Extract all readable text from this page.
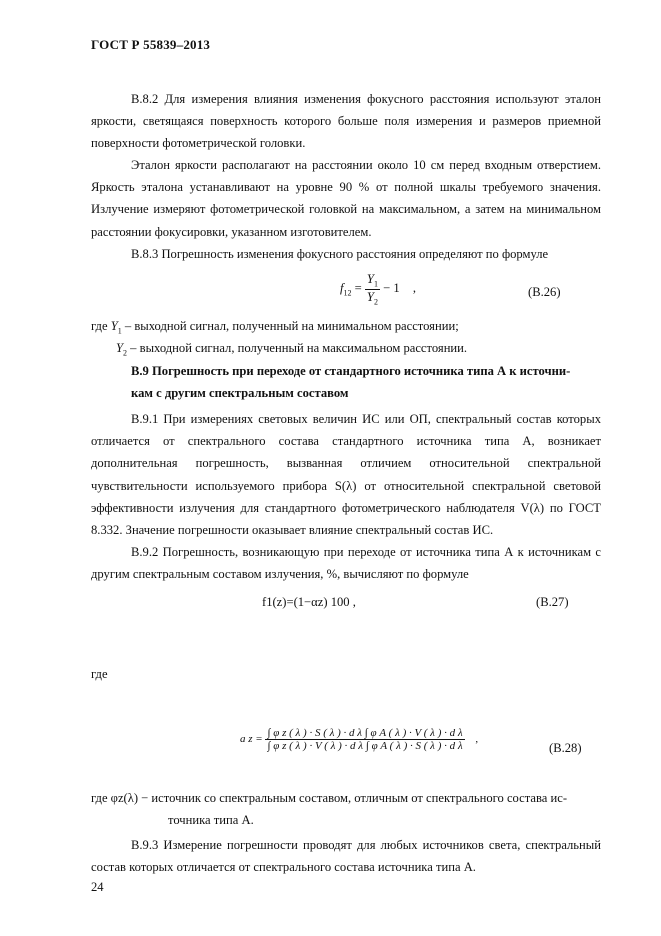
ГОСТ Р 55839–2013
В.8.2 Для измерения влияния изменения фокусного расстояния используют эталон яркости, светящаяся поверхность которого больше поля измерения и размеров приемной поверхности фотометрической головки.
Эталон яркости располагают на расстоянии около 10 см перед входным отверстием. Яркость эталона устанавливают на уровне 90 % от полной шкалы требуемого значения. Излучение измеряют фотометрической головкой на максимальном, а затем на минимальном расстоянии фокусировки, указанном изготовителем.
В.8.3 Погрешность изменения фокусного расстояния определяют по формуле
$f_{12} = \frac{Y_1}{Y_2} - 1$ ,	(В.26)
где $Y_1$ – выходной сигнал, полученный на минимальном расстоянии;
$Y_2$ – выходной сигнал, полученный на максимальном расстоянии.
В.9 Погрешность при переходе от стандартного источника типа А к источни-
кам с другим спектральным составом
В.9.1 При измерениях световых величин ИС или ОП, спектральный состав которых отличается от спектрального состава стандартного источника типа А, возникает дополнительная погрешность, вызванная отличием относительной спектральной чувствительности используемого прибора S(λ) от относительной спектральной световой эффективности излучения для стандартного фотометрического наблюдателя V(λ) по ГОСТ 8.332. Значение погрешности оказывает влияние спектральный состав ИС.
В.9.2 Погрешность, возникающую при переходе от источника типа А к источникам с другим спектральным составом излучения, %, вычисляют по формуле
f1(z)=(1−αz) 100 ,	(В.27)
где
a $z = \frac{\text{∫ φ z ( λ ) · S ( λ ) · d λ ∫ φ A ( λ ) · V ( λ ) · d λ}}{\text{∫ φ z ( λ ) · V ( λ ) · d λ ∫ φ A ( λ ) · S ( λ ) · d λ}}$ ,
(В.28)
где φz(λ) − источник со спектральным составом, отличным от спектрального состава ис-
точника типа А.
В.9.3 Измерение погрешности проводят для любых источников света, спектральный состав которых отличается от спектрального состава источника типа А.
24
